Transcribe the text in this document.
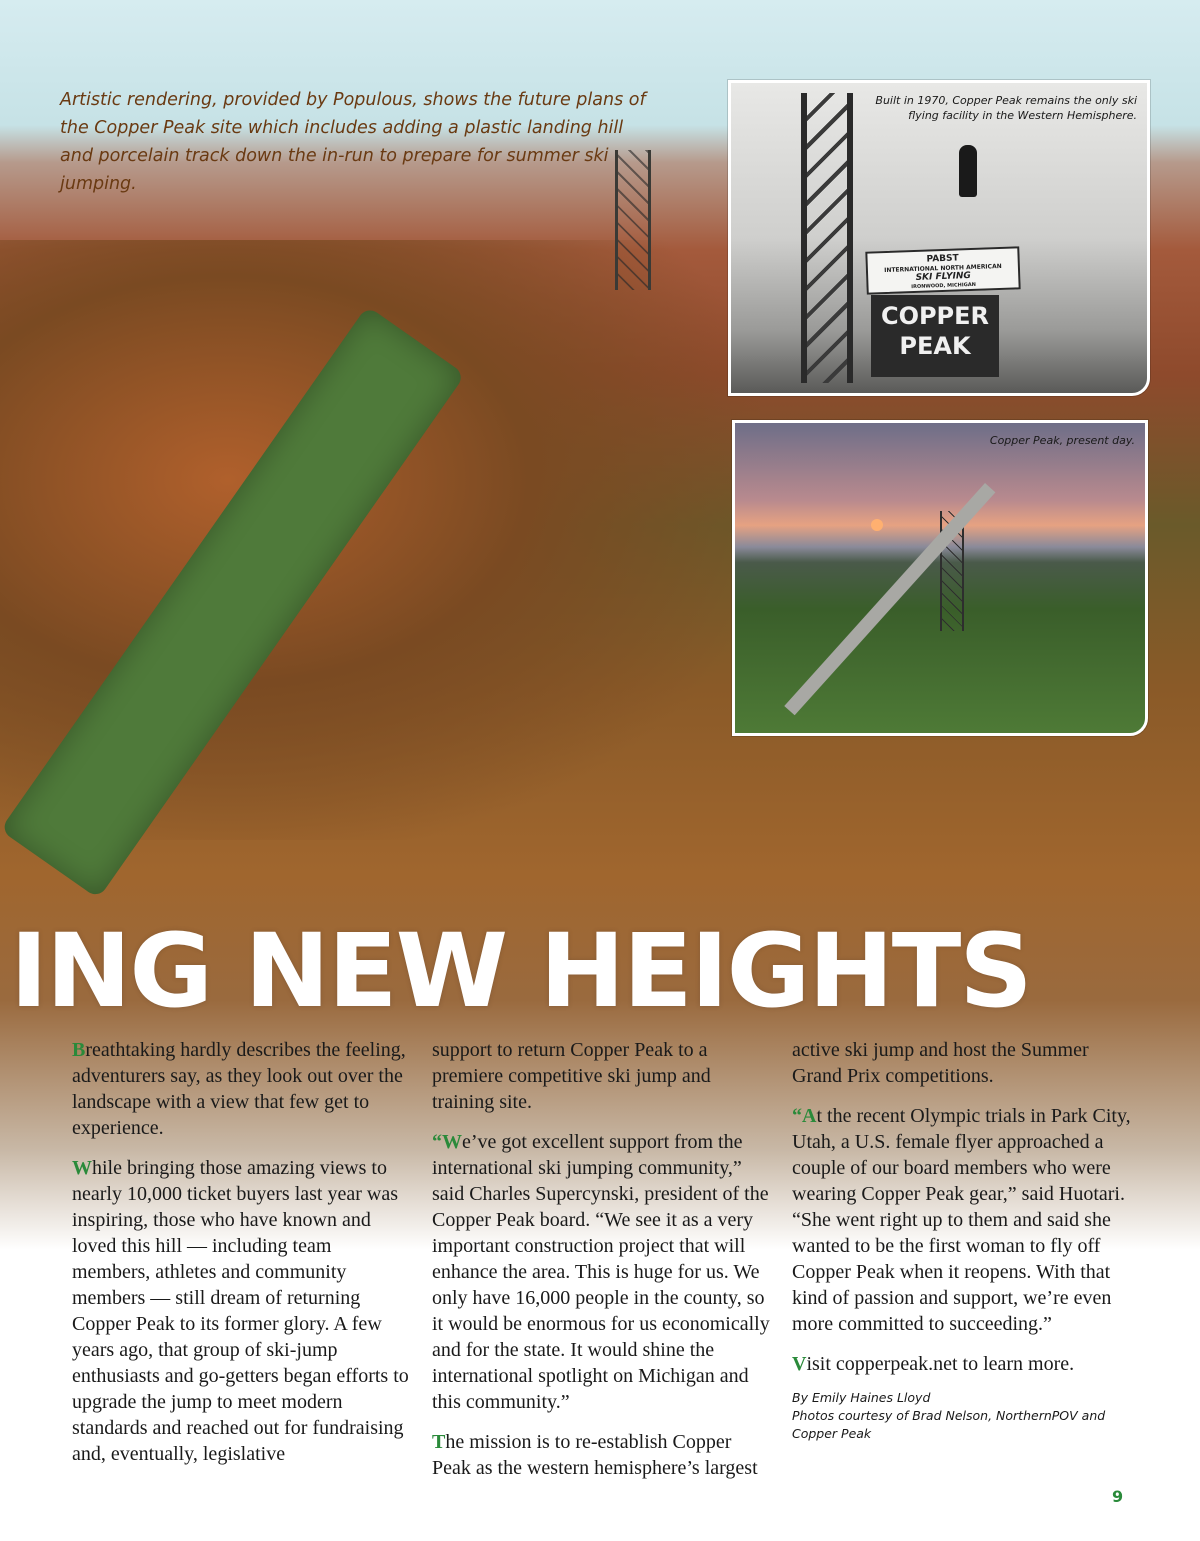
Artistic rendering, provided by Populous, shows the future plans of the Copper Peak site which includes adding a plastic landing hill and porcelain track down the in-run to prepare for summer ski jumping.
PABST
INTERNATIONAL NORTH AMERICAN
SKI FLYING
IRONWOOD, MICHIGAN
COPPER
PEAK
Built in 1970, Copper Peak remains the only ski
flying facility in the Western Hemisphere.
Copper Peak, present day.
ING NEW HEIGHTS

Breathtaking hardly describes the feeling, adventurers say, as they look out over the landscape with a view that few get to experience.

While bringing those amazing views to nearly 10,000 ticket buyers last year was inspiring, those who have known and loved this hill — including team members, athletes and community members — still dream of returning Copper Peak to its former glory. A few years ago, that group of ski-jump enthusiasts and go-getters began efforts to upgrade the jump to meet modern standards and reached out for fundraising and, eventually, legislative

support to return Copper Peak to a premiere competitive ski jump and training site.

“We’ve got excellent support from the international ski jumping community,” said Charles Supercynski, president of the Copper Peak board. “We see it as a very important construction project that will enhance the area. This is huge for us. We only have 16,000 people in the county, so it would be enormous for us economically and for the state. It would shine the international spotlight on Michigan and this community.”

The mission is to re-establish Copper Peak as the western hemisphere’s largest

active ski jump and host the Summer Grand Prix competitions.

“At the recent Olympic trials in Park City, Utah, a U.S. female flyer approached a couple of our board members who were wearing Copper Peak gear,” said Huotari. “She went right up to them and said she wanted to be the first woman to fly off Copper Peak when it reopens. With that kind of passion and support, we’re even more committed to succeeding.”

Visit copperpeak.net to learn more.

By Emily Haines Lloyd
Photos courtesy of Brad Nelson, NorthernPOV and Copper Peak
9
